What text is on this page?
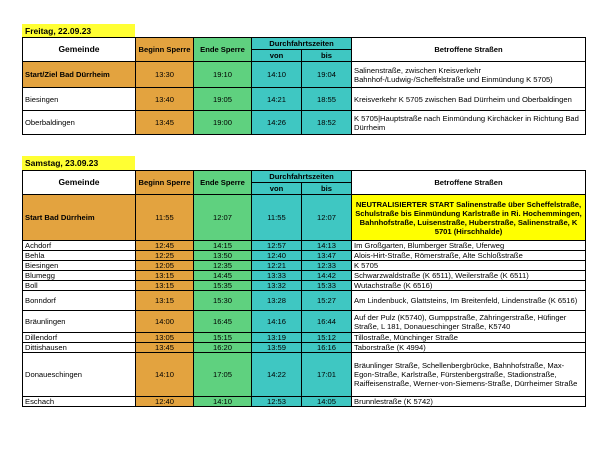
Freitag, 22.09.23
Gemeinde	Beginn Sperre	Ende Sperre	Durchfahrtszeiten		Betroffene Straßen
			von	bis	
Start/Ziel Bad Dürrheim	13:30	19:10	14:10	19:04	Salinenstraße, zwischen Kreisverkehr Bahnhof-/Ludwig-/Scheffelstraße und Einmündung K 5705)
Biesingen	13:40	19:05	14:21	18:55	Kreisverkehr K 5705 zwischen Bad Dürrheim und Oberbaldingen
Oberbaldingen	13:45	19:00	14:26	18:52	K 5705|Hauptstraße nach Einmündung Kirchäcker in Richtung Bad Dürrheim
Samstag, 23.09.23
Gemeinde	Beginn Sperre	Ende Sperre	Durchfahrtszeiten		Betroffene Straßen
			von	bis	
Start Bad Dürrheim	11:55	12:07	11:55	12:07	NEUTRALISIERTER START Salinenstraße über Scheffelstraße, Schulstraße bis Einmündung Karlstraße in Ri. Hochemmingen, Bahnhofstraße, Luisenstraße, Huberstraße, Salinenstraße, K 5701 (Hirschhalde)
Achdorf	12:45	14:15	12:57	14:13	Im Großgarten, Blumberger Straße, Uferweg
Behla	12:25	13:50	12:40	13:47	Alois-Hirt-Straße, Römerstraße, Alte Schloßstraße
Biesingen	12:05	12:35	12:21	12:33	K 5705
Blumegg	13:15	14:45	13:33	14:42	Schwarzwaldstraße (K 6511), Weilerstraße (K 6511)
Boll	13:15	15:35	13:32	15:33	Wutachstraße (K 6516)
Bonndorf	13:15	15:30	13:28	15:27	Am Lindenbuck, Glattsteins, Im Breitenfeld, Lindenstraße (K 6516)
Bräunlingen	14:00	16:45	14:16	16:44	Auf der Pulz (K5740), Gumppstraße, Zähringerstraße, Hüfinger Straße, L 181, Donaueschinger Straße, K5740
Dillendorf	13:05	15:15	13:19	15:12	Tillostraße, Münchinger Straße
Dittishausen	13:45	16:20	13:59	16:16	Taborstraße (K 4994)
Donaueschingen	14:10	17:05	14:22	17:01	Bräunlinger Straße, Schellenbergbrücke, Bahnhofstraße, Max-Egon-Straße, Karlstraße, Fürstenbergstraße, Stadionstraße, Raiffeisenstraße, Werner-von-Siemens-Straße, Dürrheimer Straße
Eschach	12:40	14:10	12:53	14:05	Brunnlestraße (K 5742)
